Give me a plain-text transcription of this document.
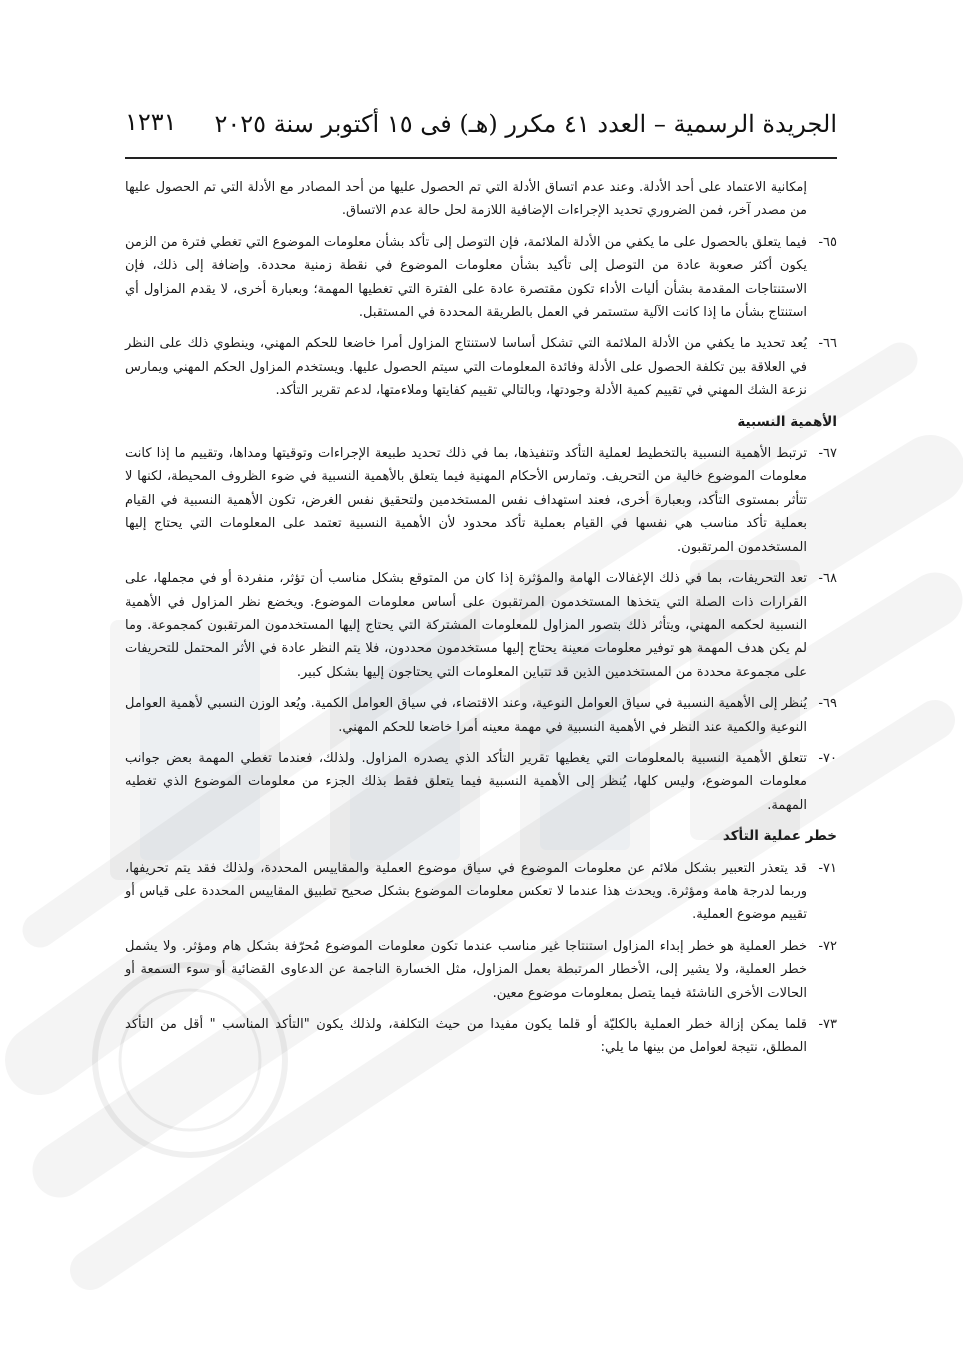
الجريدة الرسمية – العدد ٤١ مكرر (هـ) فى ١٥ أكتوبر سنة ٢٠٢٥
١٢٣١

إمكانية الاعتماد على أحد الأدلة. وعند عدم اتساق الأدلة التي تم الحصول عليها من أحد المصادر مع الأدلة التي تم الحصول عليها من مصدر آخر، فمن الضروري تحديد الإجراءات الإضافية اللازمة لحل حالة عدم الاتساق.

٦٥-
فيما يتعلق بالحصول على ما يكفي من الأدلة الملائمة، فإن التوصل إلى تأكد بشأن معلومات الموضوع التي تغطي فترة من الزمن يكون أكثر صعوبة عادة من التوصل إلى تأكيد بشأن معلومات الموضوع في نقطة زمنية محددة. وإضافة إلى ذلك، فإن الاستنتاجات المقدمة بشأن أليات الأداء تكون مقتصرة عادة على الفترة التي تغطيها المهمة؛ وبعبارة أخرى، لا يقدم المزاول أي استنتاج بشأن ما إذا كانت الآلية ستستمر في العمل بالطريقة المحددة في المستقبل.
٦٦-
يُعد تحديد ما يكفي من الأدلة الملائمة التي تشكل أساسا لاستنتاج المزاول أمرا خاضعا للحكم المهني، وينطوي ذلك على النظر في العلاقة بين تكلفة الحصول على الأدلة وفائدة المعلومات التي سيتم الحصول عليها. ويستخدم المزاول الحكم المهني ويمارس نزعة الشك المهني في تقييم كمية الأدلة وجودتها، وبالتالي تقييم كفايتها وملاءمتها، لدعم تقرير التأكد.
الأهمية النسبية
٦٧-
ترتبط الأهمية النسبية بالتخطيط لعملية التأكد وتنفيذها، بما في ذلك تحديد طبيعة الإجراءات وتوقيتها ومداها، وتقييم ما إذا كانت معلومات الموضوع خالية من التحريف. وتمارس الأحكام المهنية فيما يتعلق بالأهمية النسبية في ضوء الظروف المحيطة، لكنها لا تتأثر بمستوى التأكد، وبعبارة أخرى، فعند استهداف نفس المستخدمين ولتحقيق نفس الغرض، تكون الأهمية النسبية في القيام بعملية تأكد مناسب هي نفسها في القيام بعملية تأكد محدود لأن الأهمية النسبية تعتمد على المعلومات التي يحتاج إليها المستخدمون المرتقبون.
٦٨-
تعد التحريفات، بما في ذلك الإغفالات الهامة والمؤثرة إذا كان من المتوقع بشكل مناسب أن تؤثر، منفردة أو في مجملها، على القرارات ذات الصلة التي يتخذها المستخدمون المرتقبون على أساس معلومات الموضوع. ويخضع نظر المزاول في الأهمية النسبية لحكمه المهني، ويتأثر ذلك بتصور المزاول للمعلومات المشتركة التي يحتاج إليها المستخدمون المرتقبون كمجموعة. وما لم يكن هدف المهمة هو توفير معلومات معينة يحتاج إليها مستخدمون محددون، فلا يتم النظر عادة في الأثر المحتمل للتحريفات على مجموعة محددة من المستخدمين الذين قد تتباين المعلومات التي يحتاجون إليها بشكل كبير.
٦٩-
يُنظر إلى الأهمية النسبية في سياق العوامل النوعية، وعند الاقتضاء، في سياق العوامل الكمية. ويُعد الوزن النسبي لأهمية العوامل النوعية والكمية عند النظر في الأهمية النسبية في مهمة معينه أمرا خاضعا للحكم المهني.
٧٠-
تتعلق الأهمية النسبية بالمعلومات التي يغطيها تقرير التأكد الذي يصدره المزاول. ولذلك، فعندما تغطي المهمة بعض جوانب معلومات الموضوع، وليس كلها، يُنظر إلى الأهمية النسبية فيما يتعلق فقط بذلك الجزء من معلومات الموضوع الذي تغطيه المهمة.
خطر عملية التأكد
٧١-
قد يتعذر التعبير بشكل ملائم عن معلومات الموضوع في سياق موضوع العملية والمقاييس المحددة، ولذلك فقد يتم تحريفها، وربما لدرجة هامة ومؤثرة. ويحدث هذا عندما لا تعكس معلومات الموضوع بشكل صحيح تطبيق المقاييس المحددة على قياس أو تقييم موضوع العملية.
٧٢-
خطر العملية هو خطر إبداء المزاول استنتاجا غير مناسب عندما تكون معلومات الموضوع مُحرّفة بشكل هام ومؤثر. ولا يشمل خطر العملية، ولا يشير إلى، الأخطار المرتبطة بعمل المزاول، مثل الخسارة الناجمة عن الدعاوى القضائية أو سوء السمعة أو الحالات الأخرى الناشئة فيما يتصل بمعلومات موضوع معين.
٧٣-
قلما يمكن إزالة خطر العملية بالكليّة أو قلما يكون مفيدا من حيث التكلفة، ولذلك يكون "التأكد المناسب " أقل من التأكد المطلق، نتيجة لعوامل من بينها ما يلي:
